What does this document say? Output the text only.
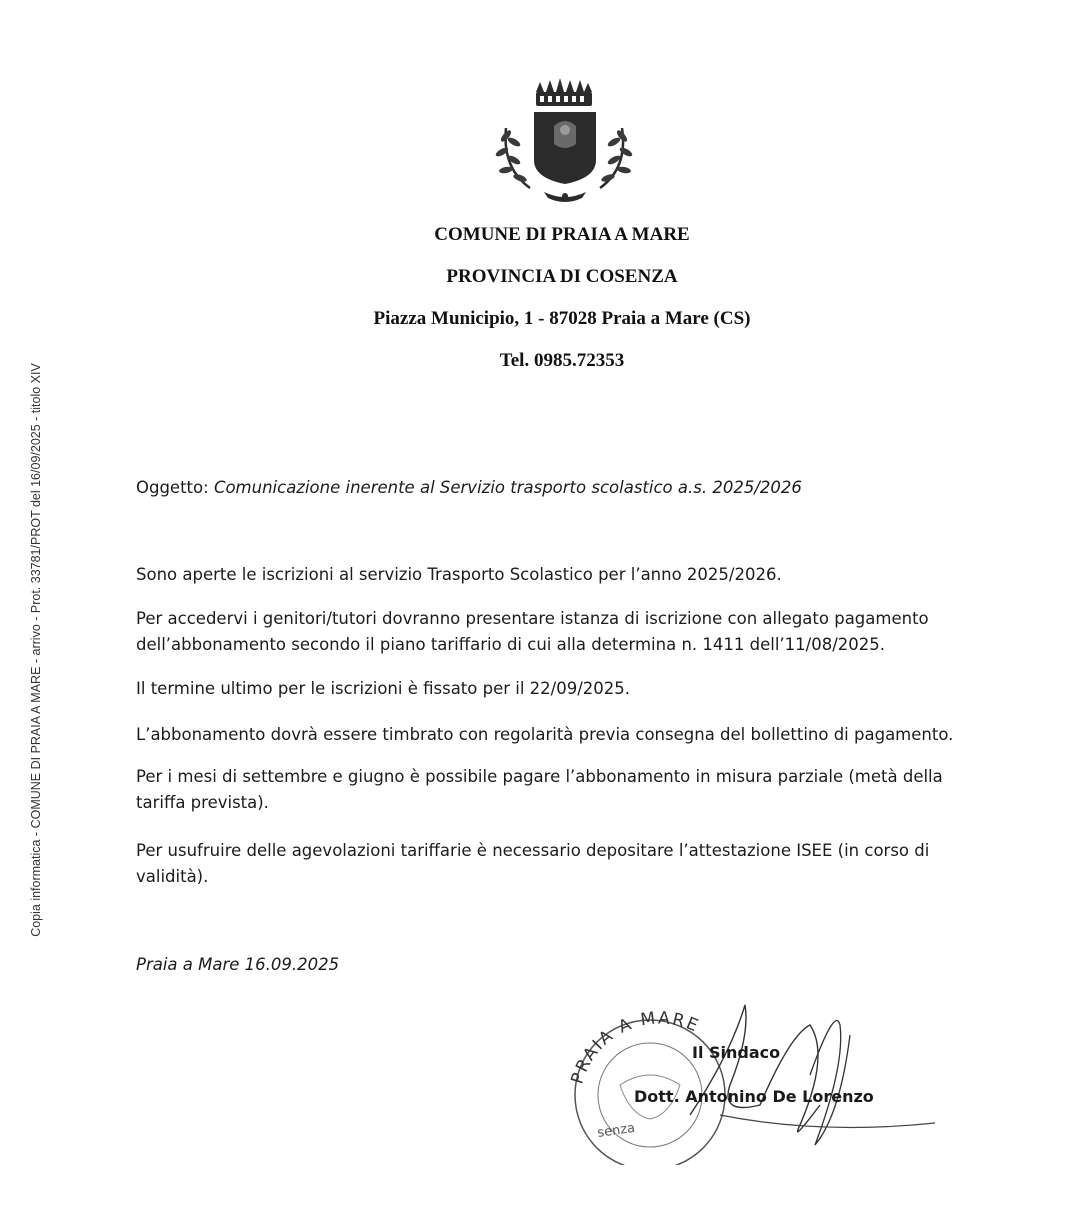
Copia informatica - COMUNE DI PRAIA A MARE - arrivo - Prot. 33781/PROT del 16/09/2025 - titolo XIV
COMUNE DI PRAIA A MARE
PROVINCIA DI COSENZA
Piazza Municipio, 1 - 87028 Praia a Mare (CS)
Tel. 0985.72353
Oggetto: Comunicazione inerente al Servizio trasporto scolastico a.s. 2025/2026
Sono aperte le iscrizioni al servizio Trasporto Scolastico per l’anno 2025/2026.
Per accedervi i genitori/tutori dovranno presentare istanza di iscrizione con allegato pagamento dell’abbonamento secondo il piano tariffario di cui alla determina n. 1411 dell’11/08/2025.
Il termine ultimo per le iscrizioni è fissato per il 22/09/2025.
L’abbonamento dovrà essere timbrato con regolarità previa consegna del bollettino di pagamento.
Per i mesi di settembre e giugno è possibile pagare l’abbonamento in misura parziale (metà della tariffa prevista).
Per usufruire delle agevolazioni tariffarie è necessario depositare l’attestazione ISEE (in corso di validità).
Praia a Mare 16.09.2025
PRAIA A MARE
senza
Il Sindaco
Dott. Antonino De Lorenzo
